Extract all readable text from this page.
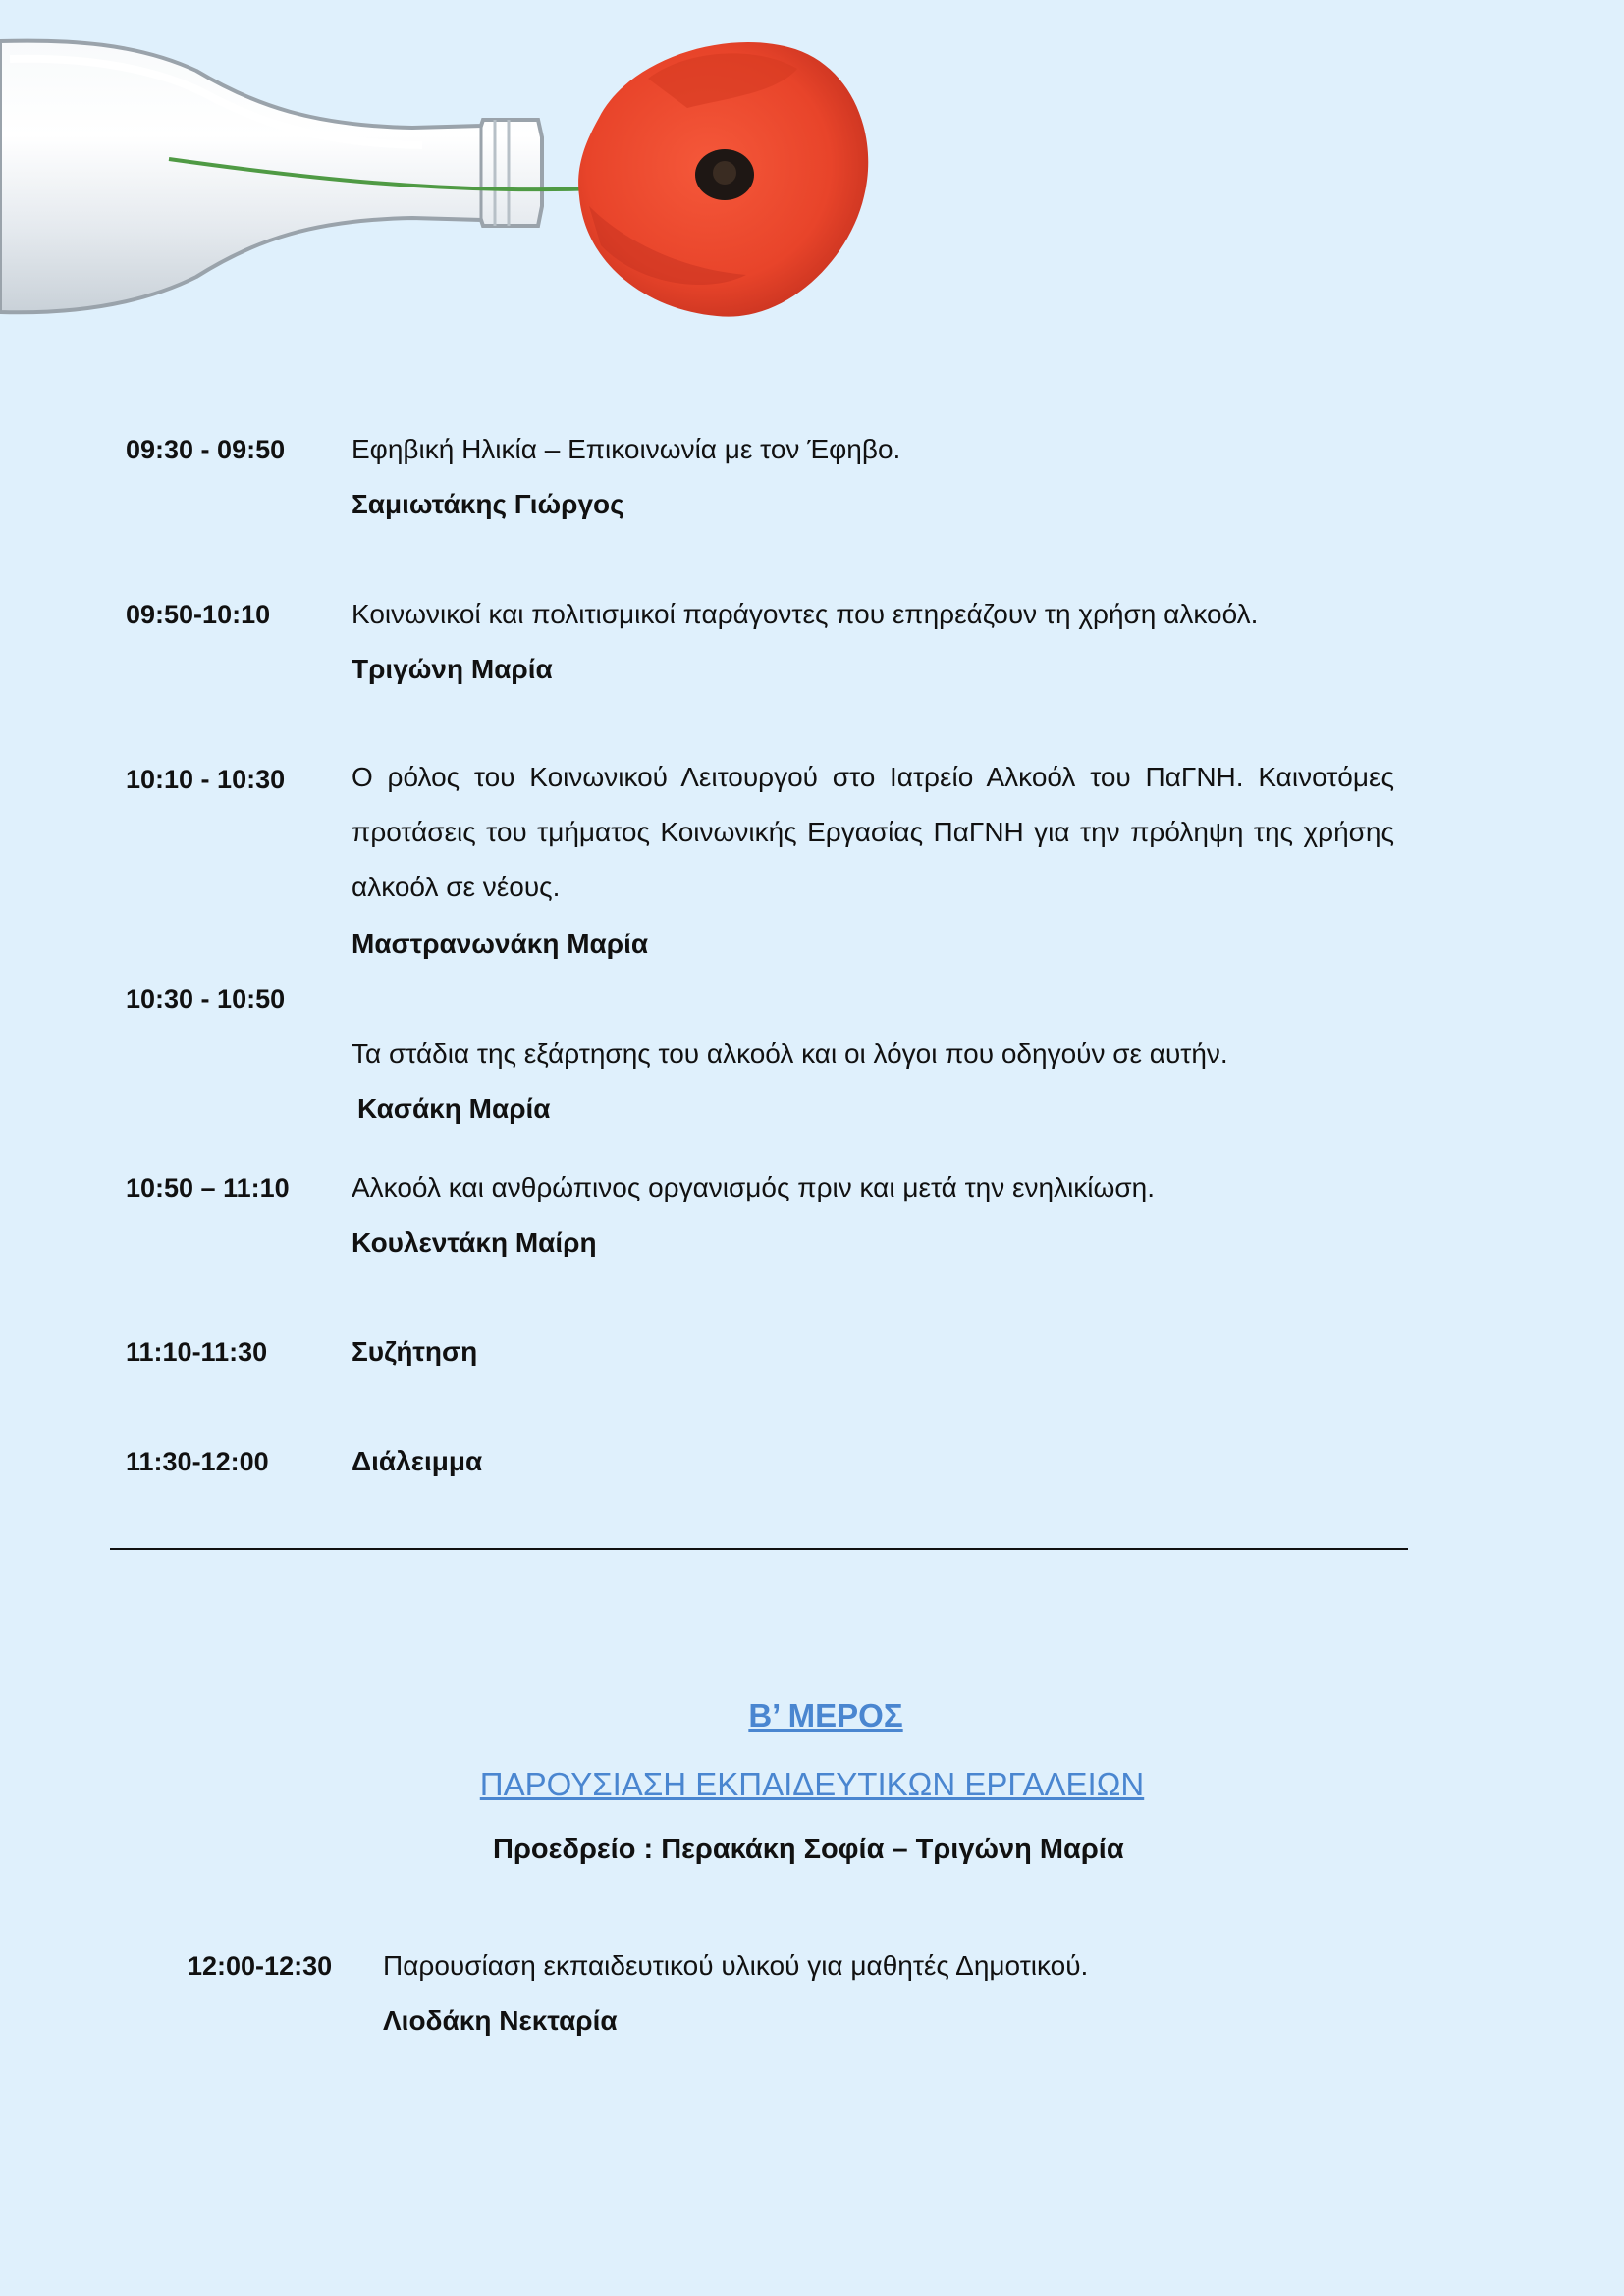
09:30 - 09:50 Εφηβική Ηλικία – Επικοινωνία με τον Έφηβο.
Σαμιωτάκης Γιώργος
09:50-10:10	Κοινωνικοί και πολιτισμικοί παράγοντες που επηρεάζουν τη χρήση αλκοόλ.
Τριγώνη Μαρία
10:10 - 10:30 Ο ρόλος του Κοινωνικού Λειτουργού στο Ιατρείο Αλκοόλ του ΠαΓΝΗ. Καινοτόμες προτάσεις του τμήματος Κοινωνικής Εργασίας ΠαΓΝΗ για την πρόληψη της χρήσης αλκοόλ σε νέους.
Μαστρανωνάκη Μαρία
10:30 - 10:50
Τα στάδια της εξάρτησης του αλκοόλ και οι λόγοι που οδηγούν σε αυτήν.
Κασάκη Μαρία
10:50 – 11:10 Αλκοόλ και ανθρώπινος οργανισμός πριν και μετά την ενηλικίωση.
Κουλεντάκη Μαίρη
11:10-11:30	Συζήτηση
11:30-12:00	Διάλειμμα
Β’ ΜΕΡΟΣ
ΠΑΡΟΥΣΙΑΣΗ ΕΚΠΑΙΔΕΥΤΙΚΩΝ ΕΡΓΑΛΕΙΩΝ
Προεδρείο : Περακάκη Σοφία – Τριγώνη Μαρία
12:00-12:30 Παρουσίαση εκπαιδευτικού υλικού για μαθητές Δημοτικού.
Λιοδάκη Νεκταρία
